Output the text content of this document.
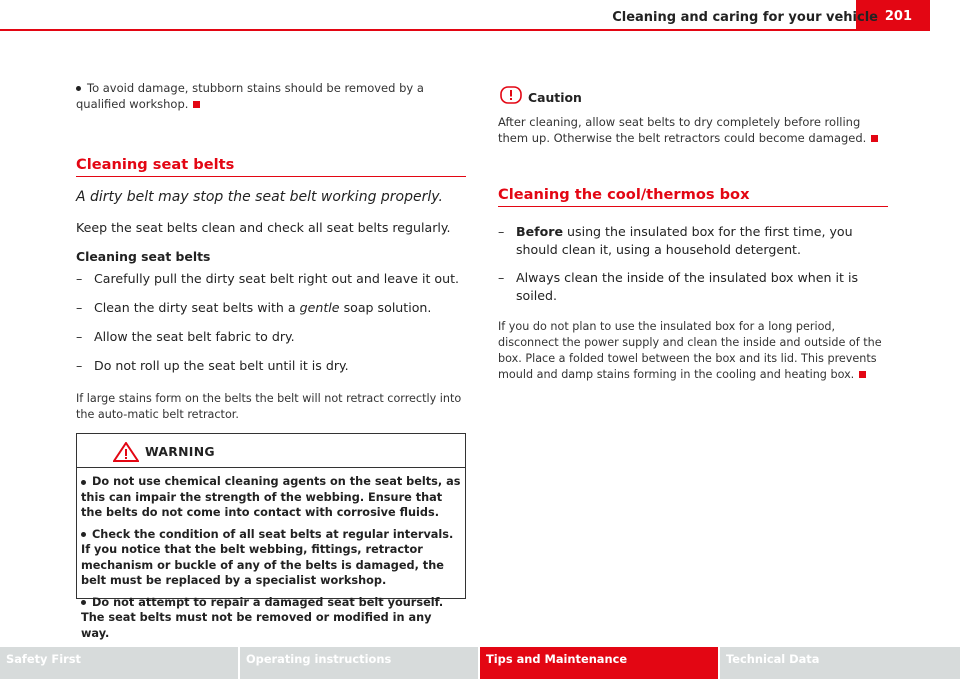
Cleaning and caring for your vehicle 201
To avoid damage, stubborn stains should be removed by a qualified workshop.
Cleaning seat belts
A dirty belt may stop the seat belt working properly.
Keep the seat belts clean and check all seat belts regularly.
Cleaning seat belts
– Carefully pull the dirty seat belt right out and leave it out.
– Clean the dirty seat belts with a gentle soap solution.
– Allow the seat belt fabric to dry.
– Do not roll up the seat belt until it is dry.
If large stains form on the belts the belt will not retract correctly into the auto-matic belt retractor.
WARNING
Do not use chemical cleaning agents on the seat belts, as this can impair the strength of the webbing. Ensure that the belts do not come into contact with corrosive fluids.
Check the condition of all seat belts at regular intervals. If you notice that the belt webbing, fittings, retractor mechanism or buckle of any of the belts is damaged, the belt must be replaced by a specialist workshop.
Do not attempt to repair a damaged seat belt yourself. The seat belts must not be removed or modified in any way.
Caution
After cleaning, allow seat belts to dry completely before rolling them up. Otherwise the belt retractors could become damaged.
Cleaning the cool/thermos box
– Before using the insulated box for the first time, you should clean it, using a household detergent.
– Always clean the inside of the insulated box when it is soiled.
If you do not plan to use the insulated box for a long period, disconnect the power supply and clean the inside and outside of the box. Place a folded towel between the box and its lid. This prevents mould and damp stains forming in the cooling and heating box.
Safety First	Operating instructions	Tips and Maintenance	Technical Data
